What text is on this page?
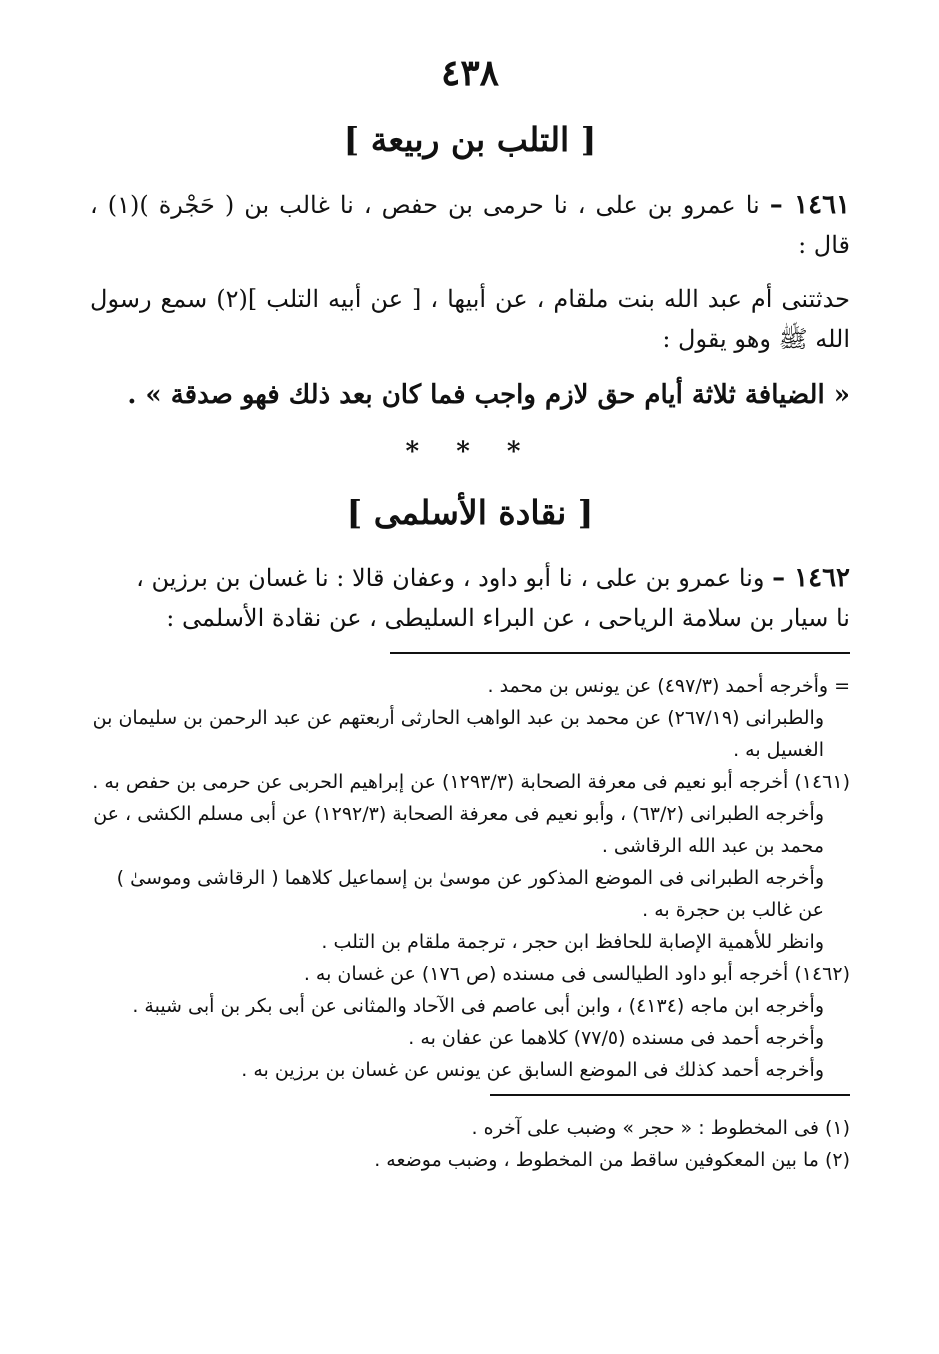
٤٣٨
[ التلب بن ربيعة ]

١٤٦١ – نا عمرو بن على ، نا حرمى بن حفص ، نا غالب بن ( حَجْرة )(١) ، قال :

حدثتنى أم عبد الله بنت ملقام ، عن أبيها ، [ عن أبيه التلب ](٢) سمع رسول الله ﷺ وهو يقول :

« الضيافة ثلاثة أيام حق لازم واجب فما كان بعد ذلك فهو صدقة » .

* * *
[ نقادة الأسلمى ]

١٤٦٢ – ونا عمرو بن على ، نا أبو داود ، وعفان قالا : نا غسان بن برزين ،

نا سيار بن سلامة الرياحى ، عن البراء السليطى ، عن نقادة الأسلمى :

= وأخرجه أحمد (٤٩٧/٣) عن يونس بن محمد .

والطبرانى (٢٦٧/١٩) عن محمد بن عبد الواهب الحارثى أربعتهم عن عبد الرحمن بن سليمان بن الغسيل به .

(١٤٦١) أخرجه أبو نعيم فى معرفة الصحابة (١٢٩٣/٣) عن إبراهيم الحربى عن حرمى بن حفص به .

وأخرجه الطبرانى (٦٣/٢) ، وأبو نعيم فى معرفة الصحابة (١٢٩٢/٣) عن أبى مسلم الكشى ، عن محمد بن عبد الله الرقاشى .

وأخرجه الطبرانى فى الموضع المذكور عن موسىٰ بن إسماعيل كلاهما ( الرقاشى وموسىٰ ) عن غالب بن حجرة به .

وانظر للأهمية الإصابة للحافظ ابن حجر ، ترجمة ملقام بن التلب .

(١٤٦٢) أخرجه أبو داود الطيالسى فى مسنده (ص ١٧٦) عن غسان به .

وأخرجه ابن ماجه (٤١٣٤) ، وابن أبى عاصم فى الآحاد والمثانى عن أبى بكر بن أبى شيبة .

وأخرجه أحمد فى مسنده (٧٧/٥) كلاهما عن عفان به .

وأخرجه أحمد كذلك فى الموضع السابق عن يونس عن غسان بن برزين به .

(١) فى المخطوط : « حجر » وضبب على آخره .

(٢) ما بين المعكوفين ساقط من المخطوط ، وضبب موضعه .
